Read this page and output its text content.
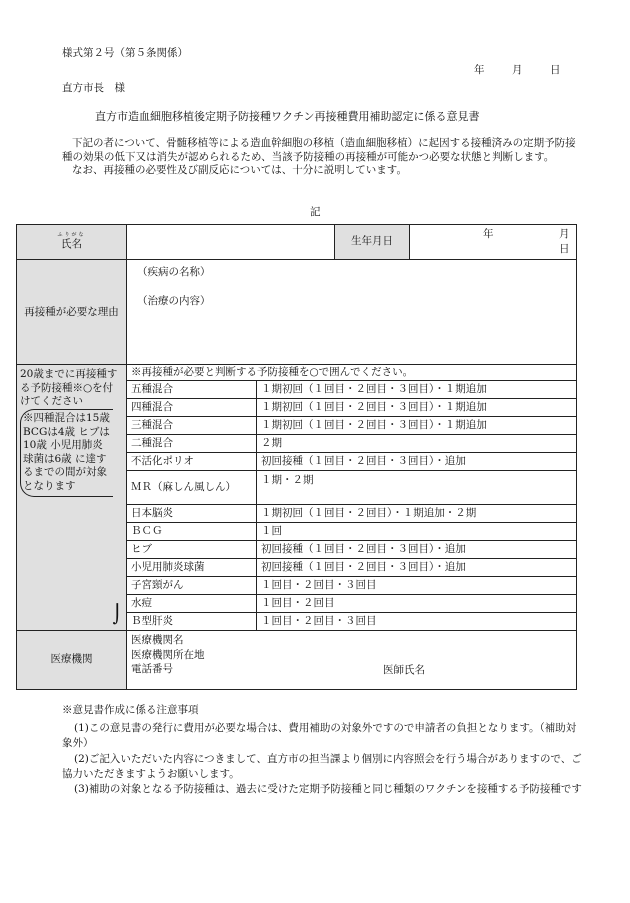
様式第２号（第５条関係）
年	月	日
直方市長　様
直方市造血細胞移植後定期予防接種ワクチン再接種費用補助認定に係る意見書

下記の者について、骨髄移植等による造血幹細胞の移植（造血細胞移植）に起因する接種済みの定期予防接種の効果の低下又は消失が認められるため、当該予防接種の再接種が可能かつ必要な状態と判断します。

なお、再接種の必要性及び副反応については、十分に説明しています。

記
ふりがな
氏名			生年月日	年 月
日

再接種が必要な理由	（疾病の名称）
（治療の内容）			

20歳までに再接種する予防接種※○を付けてください
※四種混合は15歳 BCGは4歳 ヒブは10歳 小児用肺炎球菌は6歳 に達するまでの間が対象となります
⌡	※再接種が必要と判断する予防接種を○で囲んでください。			
	五種混合	１期初回（１回目・２回目・３回目）・１期追加		
	四種混合	１期初回（１回目・２回目・３回目）・１期追加		
	三種混合	１期初回（１回目・２回目・３回目）・１期追加		
	二種混合	２期		
	不活化ポリオ	初回接種（１回目・２回目・３回目）・追加		
	ＭＲ（麻しん風しん）	１期・２期		
	日本脳炎	１期初回（１回目・２回目）・１期追加・２期		
	ＢＣＧ	１回		
	ヒブ	初回接種（１回目・２回目・３回目）・追加		
	小児用肺炎球菌	初回接種（１回目・２回目・３回目）・追加		
	子宮頸がん	１回目・２回目・３回目		
	水痘	１回目・２回目		
	Ｂ型肝炎	１回目・２回目・３回目		
医療機関	医療機関名
医療機関所在地
電話番号 医師氏名			
※意見書作成に係る注意事項

(1)この意見書の発行に費用が必要な場合は、費用補助の対象外ですので申請者の負担となります。（補助対象外）

(2)ご記入いただいた内容につきまして、直方市の担当課より個別に内容照会を行う場合がありますので、ご協力いただきますようお願いします。

(3)補助の対象となる予防接種は、過去に受けた定期予防接種と同じ種類のワクチンを接種する予防接種です
